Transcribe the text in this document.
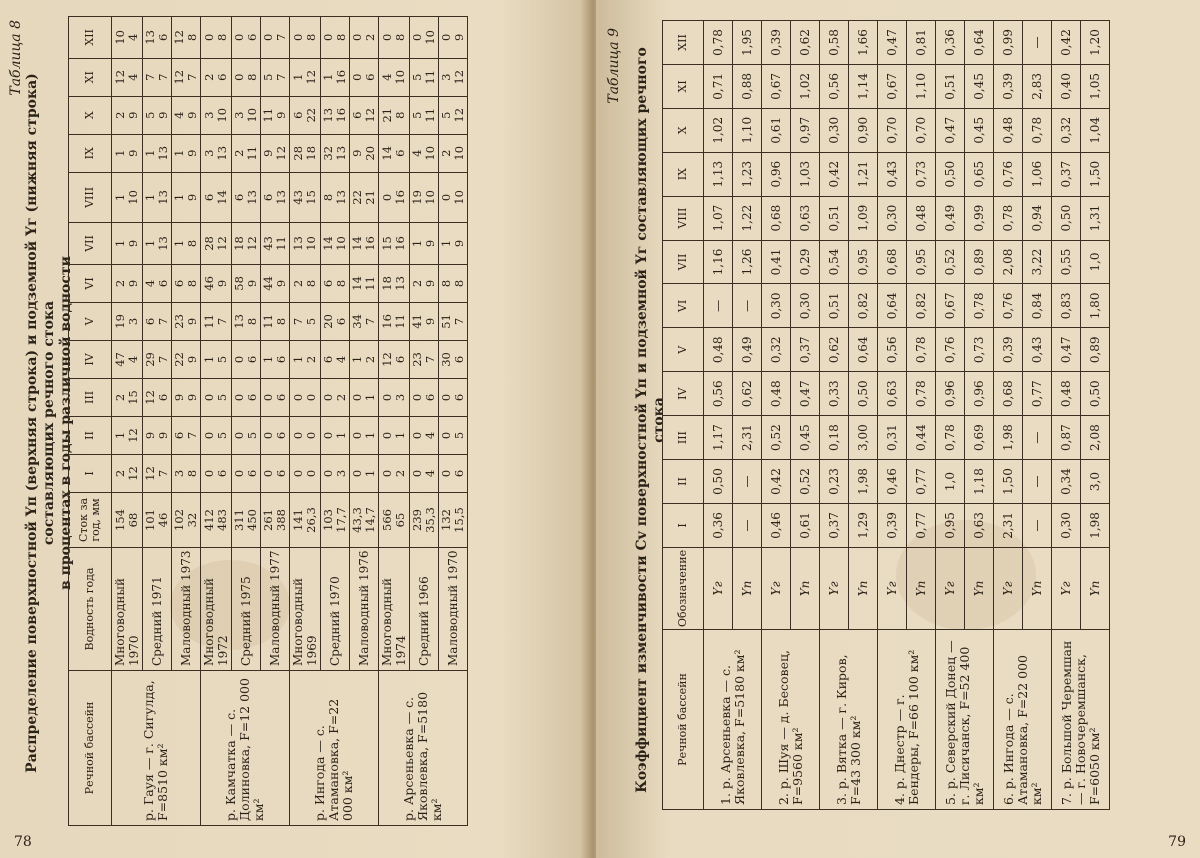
Таблица 8
Распределение поверхностной Yп (верхняя строка) и подземной Yг (нижняя строка) составляющих речного стока в процентах в годы различной водности
Речной бассейн	Водность года	Сток за год, мм	I	II	III	IV	V	VI	VII	VIII	IX	X	XI	XII
р. Гауя — г. Сигулда, F=8510 км²	Многоводный 1970	154 68	2 12	1 12	2 15	47 4	19 3	2 9	1 9	1 10	1 9	2 9	12 4	10 4

	Средний 1971	101 46	12 7	9 9	12 6	29 7	6 7	4 6	1 13	1 13	1 13	5 9	7 7	13 6

	Маловодный 1973	102 32	3 8	6 7	9 9	22 9	23 9	6 8	1 8	1 9	1 9	4 9	12 7	12 8

р. Камчатка — с. Долиновка, F=12 000 км²	Многоводный 1972	412 483	0 6	0 5	0 5	1 5	11 7	46 9	28 12	6 14	3 13	3 10	2 6	0 8

	Средний 1975	311 450	0 6	0 5	0 6	0 6	13 8	58 9	18 12	6 13	2 11	3 10	0 8	0 6

	Маловодный 1977	261 388	0 6	0 6	0 6	1 6	11 8	44 9	43 11	6 13	9 12	11 9	5 7	0 7

р. Ингода — с. Атамановка, F=22 000 км²	Многоводный 1969	141 26,3	0 0	0 0	0 0	1 2	7 5	2 8	13 10	43 15	28 18	6 22	1 12	0 8

	Средний 1970	103 17,7	0 3	0 1	0 2	6 4	20 6	6 8	14 10	8 13	32 13	13 16	1 16	0 8

	Маловодный 1976	43,3 14,7	0 1	0 1	0 1	1 2	34 7	14 11	14 16	22 21	9 20	6 12	0 6	0 2

р. Арсеньевка — с. Яковлевка, F=5180 км²	Многоводный 1974	566 65	0 2	0 1	0 3	12 6	16 11	18 13	15 16	0 16	14 6	21 8	4 10	0 8

	Средний 1966	239 35,3	0 4	0 4	0 6	23 7	41 9	2 9	1 9	19 10	4 10	5 11	5 11	0 10

	Маловодный 1970	132 15,5	0 6	0 5	0 6	30 6	51 7	8 8	1 9	0 10	2 10	5 12	3 12	0 9
78
Таблица 9 Коэффициент изменчивости Cv поверхностной Yп и подземной Yг составляющих речного стока
Речной бассейн	Обозначение	I	II	III	IV	V	VI	VII	VIII	IX	X	XI	XII
1. р. Арсеньевка — с. Яковлевка, F=5180 км²	Yг	0,36	0,50	1,17	0,56	0,48	—	1,16	1,07	1,13	1,02	0,71	0,78
	Yп	—	—	2,31	0,62	0,49	—	1,26	1,22	1,23	1,10	0,88	1,95
2. р. Шуя — д. Бесовец, F=9560 км²	Yг	0,46	0,42	0,52	0,48	0,32	0,30	0,41	0,68	0,96	0,61	0,67	0,39
	Yп	0,61	0,52	0,45	0,47	0,37	0,30	0,29	0,63	1,03	0,97	1,02	0,62
3. р. Вятка — г. Киров, F=43 300 км²	Yг	0,37	0,23	0,18	0,33	0,62	0,51	0,54	0,51	0,42	0,30	0,56	0,58
	Yп	1,29	1,98	3,00	0,50	0,64	0,82	0,95	1,09	1,21	0,90	1,14	1,66
4. р. Днестр — г. Бендеры, F=66 100 км²	Yг	0,39	0,46	0,31	0,63	0,56	0,64	0,68	0,30	0,43	0,70	0,67	0,47
	Yп	0,77	0,77	0,44	0,78	0,78	0,82	0,95	0,48	0,73	0,70	1,10	0,81
5. р. Северский Донец — г. Лисичанск, F=52 400 км²	Yг	0,95	1,0	0,78	0,96	0,76	0,67	0,52	0,49	0,50	0,47	0,51	0,36
	Yп	0,63	1,18	0,69	0,96	0,73	0,78	0,89	0,99	0,65	0,45	0,45	0,64
6. р. Ингода — с. Атамановка, F=22 000 км²	Yг	2,31	1,50	1,98	0,68	0,39	0,76	2,08	0,78	0,76	0,48	0,39	0,99
	Yп	—	—	—	0,77	0,43	0,84	3,22	0,94	1,06	0,78	2,83	—
7. р. Большой Черемшан — г. Новочеремшанск, F=6050 км²	Yг	0,30	0,34	0,87	0,48	0,47	0,83	0,55	0,50	0,37	0,32	0,40	0,42
	Yп	1,98	3,0	2,08	0,50	0,89	1,80	1,0	1,31	1,50	1,04	1,05	1,20
79
